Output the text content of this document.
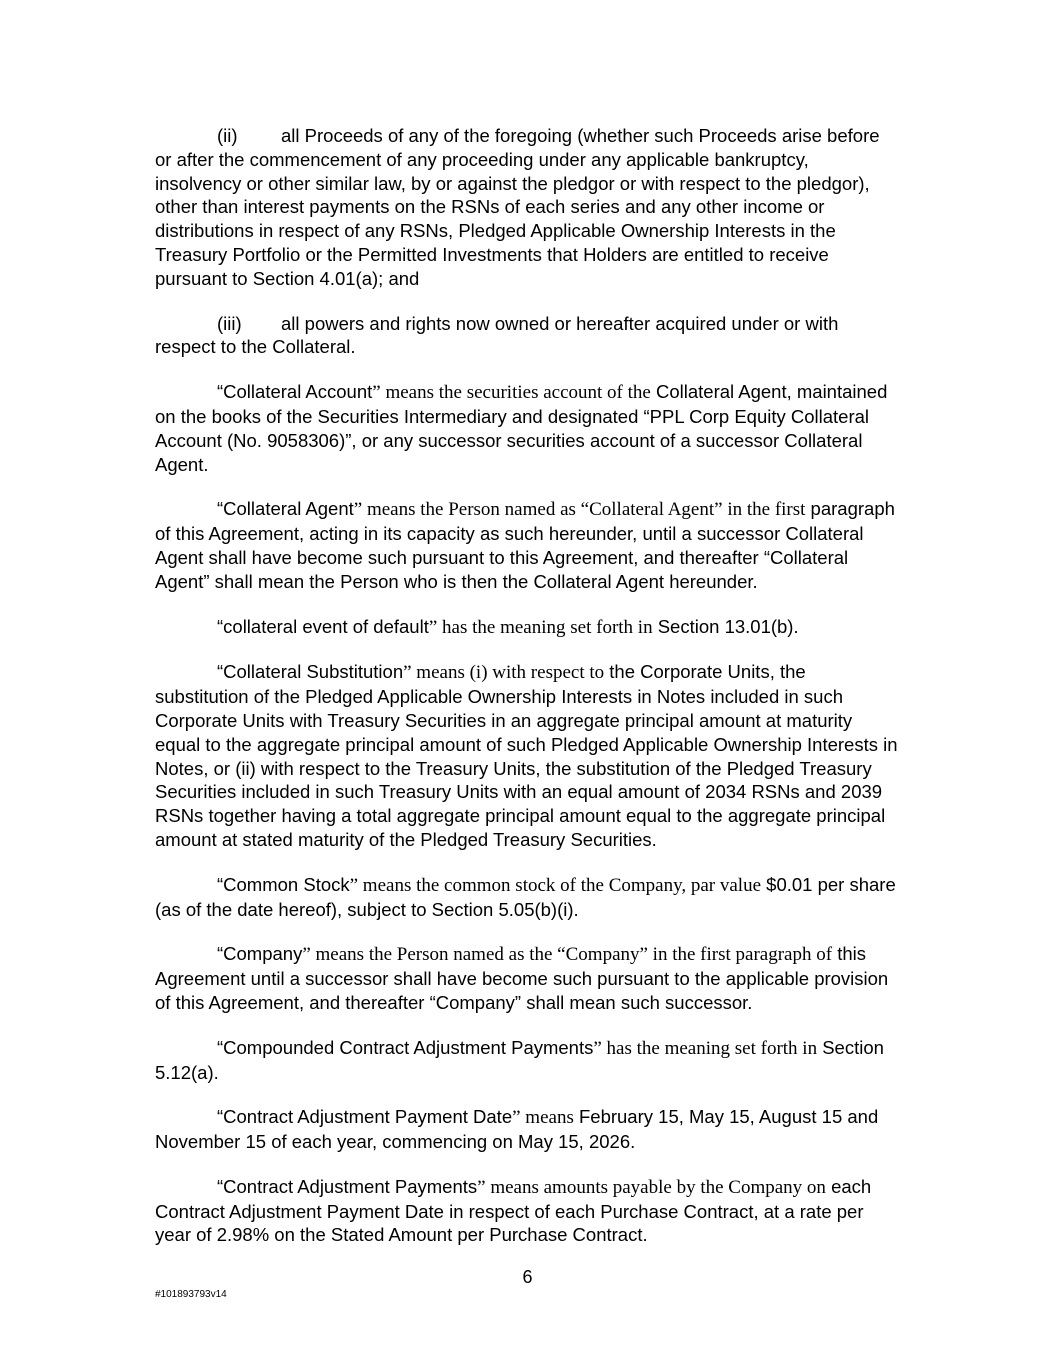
(ii) all Proceeds of any of the foregoing (whether such Proceeds arise before or after the commencement of any proceeding under any applicable bankruptcy, insolvency or other similar law, by or against the pledgor or with respect to the pledgor), other than interest payments on the RSNs of each series and any other income or distributions in respect of any RSNs, Pledged Applicable Ownership Interests in the Treasury Portfolio or the Permitted Investments that Holders are entitled to receive pursuant to Section 4.01(a); and

(iii) all powers and rights now owned or hereafter acquired under or with respect to the Collateral.

“Collateral Account” means the securities account of the Collateral Agent, maintained on the books of the Securities Intermediary and designated “PPL Corp Equity Collateral Account (No. 9058306)”, or any successor securities account of a successor Collateral Agent.

“Collateral Agent” means the Person named as “Collateral Agent” in the first paragraph of this Agreement, acting in its capacity as such hereunder, until a successor Collateral Agent shall have become such pursuant to this Agreement, and thereafter “Collateral Agent” shall mean the Person who is then the Collateral Agent hereunder.

“collateral event of default” has the meaning set forth in Section 13.01(b).

“Collateral Substitution” means (i) with respect to the Corporate Units, the substitution of the Pledged Applicable Ownership Interests in Notes included in such Corporate Units with Treasury Securities in an aggregate principal amount at maturity equal to the aggregate principal amount of such Pledged Applicable Ownership Interests in Notes, or (ii) with respect to the Treasury Units, the substitution of the Pledged Treasury Securities included in such Treasury Units with an equal amount of 2034 RSNs and 2039 RSNs together having a total aggregate principal amount equal to the aggregate principal amount at stated maturity of the Pledged Treasury Securities.

“Common Stock” means the common stock of the Company, par value $0.01 per share (as of the date hereof), subject to Section 5.05(b)(i).

“Company” means the Person named as the “Company” in the first paragraph of this Agreement until a successor shall have become such pursuant to the applicable provision of this Agreement, and thereafter “Company” shall mean such successor.

“Compounded Contract Adjustment Payments” has the meaning set forth in Section 5.12(a).

“Contract Adjustment Payment Date” means February 15, May 15, August 15 and November 15 of each year, commencing on May 15, 2026.

“Contract Adjustment Payments” means amounts payable by the Company on each Contract Adjustment Payment Date in respect of each Purchase Contract, at a rate per year of 2.98% on the Stated Amount per Purchase Contract.

6
#101893793v14
